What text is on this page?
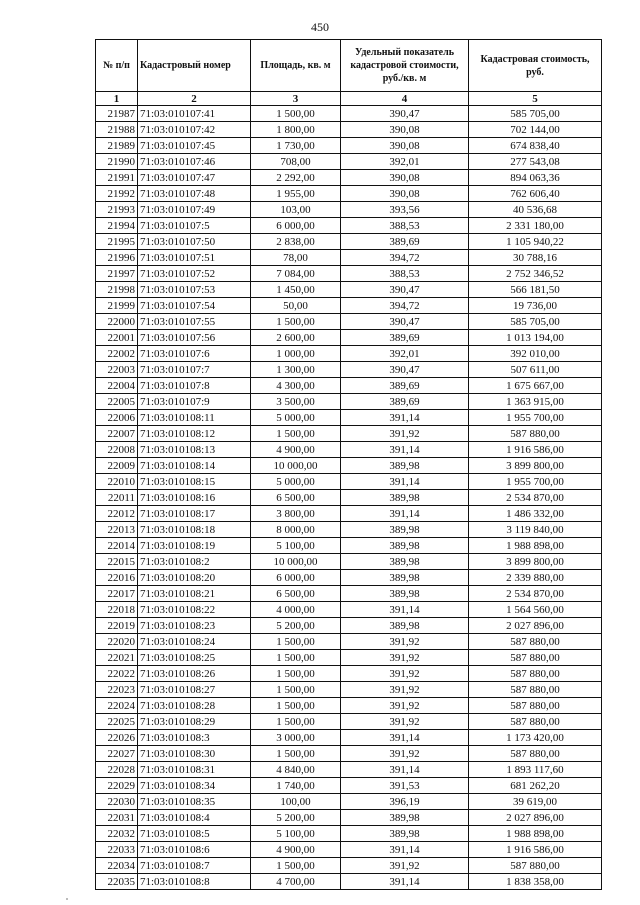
450
№ п/п	Кадастровый номер	Площадь, кв. м	Удельный показатель кадастровой стоимости, руб./кв. м	Кадастровая стоимость, руб.
1	2	3	4	5
21987	71:03:010107:41	1 500,00	390,47	585 705,00
21988	71:03:010107:42	1 800,00	390,08	702 144,00
21989	71:03:010107:45	1 730,00	390,08	674 838,40
21990	71:03:010107:46	708,00	392,01	277 543,08
21991	71:03:010107:47	2 292,00	390,08	894 063,36
21992	71:03:010107:48	1 955,00	390,08	762 606,40
21993	71:03:010107:49	103,00	393,56	40 536,68
21994	71:03:010107:5	6 000,00	388,53	2 331 180,00
21995	71:03:010107:50	2 838,00	389,69	1 105 940,22
21996	71:03:010107:51	78,00	394,72	30 788,16
21997	71:03:010107:52	7 084,00	388,53	2 752 346,52
21998	71:03:010107:53	1 450,00	390,47	566 181,50
21999	71:03:010107:54	50,00	394,72	19 736,00
22000	71:03:010107:55	1 500,00	390,47	585 705,00
22001	71:03:010107:56	2 600,00	389,69	1 013 194,00
22002	71:03:010107:6	1 000,00	392,01	392 010,00
22003	71:03:010107:7	1 300,00	390,47	507 611,00
22004	71:03:010107:8	4 300,00	389,69	1 675 667,00
22005	71:03:010107:9	3 500,00	389,69	1 363 915,00
22006	71:03:010108:11	5 000,00	391,14	1 955 700,00
22007	71:03:010108:12	1 500,00	391,92	587 880,00
22008	71:03:010108:13	4 900,00	391,14	1 916 586,00
22009	71:03:010108:14	10 000,00	389,98	3 899 800,00
22010	71:03:010108:15	5 000,00	391,14	1 955 700,00
22011	71:03:010108:16	6 500,00	389,98	2 534 870,00
22012	71:03:010108:17	3 800,00	391,14	1 486 332,00
22013	71:03:010108:18	8 000,00	389,98	3 119 840,00
22014	71:03:010108:19	5 100,00	389,98	1 988 898,00
22015	71:03:010108:2	10 000,00	389,98	3 899 800,00
22016	71:03:010108:20	6 000,00	389,98	2 339 880,00
22017	71:03:010108:21	6 500,00	389,98	2 534 870,00
22018	71:03:010108:22	4 000,00	391,14	1 564 560,00
22019	71:03:010108:23	5 200,00	389,98	2 027 896,00
22020	71:03:010108:24	1 500,00	391,92	587 880,00
22021	71:03:010108:25	1 500,00	391,92	587 880,00
22022	71:03:010108:26	1 500,00	391,92	587 880,00
22023	71:03:010108:27	1 500,00	391,92	587 880,00
22024	71:03:010108:28	1 500,00	391,92	587 880,00
22025	71:03:010108:29	1 500,00	391,92	587 880,00
22026	71:03:010108:3	3 000,00	391,14	1 173 420,00
22027	71:03:010108:30	1 500,00	391,92	587 880,00
22028	71:03:010108:31	4 840,00	391,14	1 893 117,60
22029	71:03:010108:34	1 740,00	391,53	681 262,20
22030	71:03:010108:35	100,00	396,19	39 619,00
22031	71:03:010108:4	5 200,00	389,98	2 027 896,00
22032	71:03:010108:5	5 100,00	389,98	1 988 898,00
22033	71:03:010108:6	4 900,00	391,14	1 916 586,00
22034	71:03:010108:7	1 500,00	391,92	587 880,00
22035	71:03:010108:8	4 700,00	391,14	1 838 358,00
